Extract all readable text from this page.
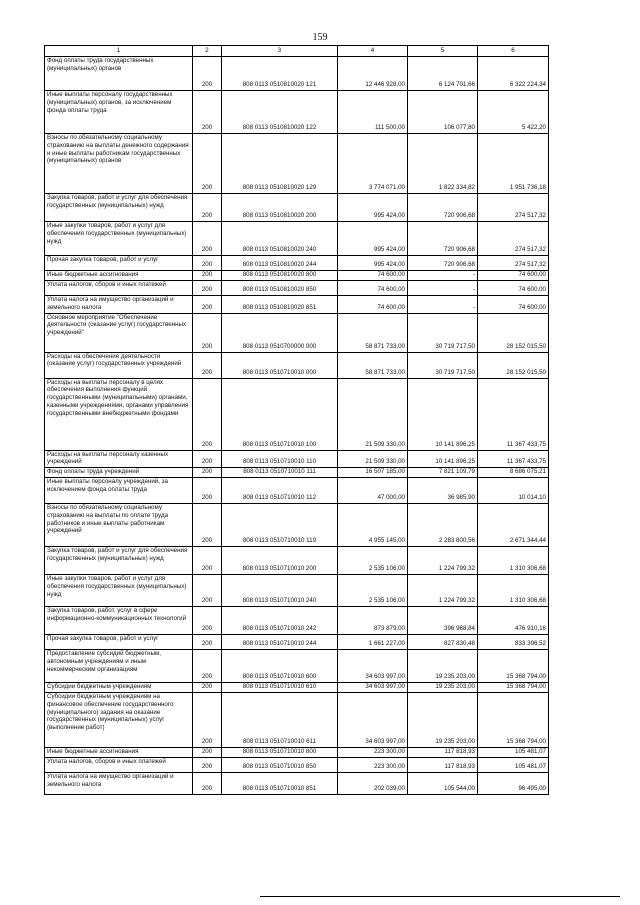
159
1	2	3	4	5	6
Фонд оплаты труда государственных (муниципальных) органов	200	808 0113 0510810020 121	12 446 928,00	6 124 701,66	6 322 224,34
Иные выплаты персоналу государственных (муниципальных) органов, за исключением фонда оплаты труда	200	808 0113 0510810020 122	111 500,00	106 077,80	5 422,20
Взносы по обязательному социальному страхованию на выплаты денежного содержания и иные выплаты работникам государственных (муниципальных) органов	200	808 0113 0510810020 129	3 774 071,00	1 822 334,82	1 951 736,18
Закупка товаров, работ и услуг для обеспечения государственных (муниципальных) нужд	200	808 0113 0510810020 200	995 424,00	720 906,68	274 517,32
Иные закупки товаров, работ и услуг для обеспечения государственных (муниципальных) нужд	200	808 0113 0510810020 240	995 424,00	720 906,68	274 517,32
Прочая закупка товаров, работ и услуг	200	808 0113 0510810020 244	995 424,00	720 906,68	274 517,32
Иные бюджетные ассигнования	200	808 0113 0510810020 800	74 600,00	-	74 600,00
Уплата налогов, сборов и иных платежей	200	808 0113 0510810020 850	74 600,00	-	74 600,00
Уплата налога на имущество организаций и земельного налога	200	808 0113 0510810020 851	74 600,00	-	74 600,00
Основное мероприятие "Обеспечение деятельности (оказание услуг) государственных учреждений"	200	808 0113 0510700000 000	58 871 733,00	30 719 717,50	28 152 015,50
Расходы на обеспечение деятельности (оказание услуг) государственных учреждений	200	808 0113 0510710010 000	58 871 733,00	30 719 717,50	28 152 015,50
Расходы на выплаты персоналу в целях обеспечения выполнения функций государственными (муниципальными) органами, казенными учреждениями, органами управления государственными внебюджетными фондами	200	808 0113 0510710010 100	21 509 330,00	10 141 896,25	11 367 433,75
Расходы на выплаты персоналу казенных учреждений	200	808 0113 0510710010 110	21 509 330,00	10 141 896,25	11 367 433,75
Фонд оплаты труда учреждений	200	808 0113 0510710010 111	16 507 185,00	7 821 109,79	8 686 075,21
Иные выплаты персоналу учреждений, за исключением фонда оплаты труда	200	808 0113 0510710010 112	47 000,00	36 985,90	10 014,10
Взносы по обязательному социальному страхованию на выплаты по оплате труда работников и иные выплаты работникам учреждений	200	808 0113 0510710010 119	4 955 145,00	2 283 800,56	2 671 344,44
Закупка товаров, работ и услуг для обеспечения государственных (муниципальных) нужд	200	808 0113 0510710010 200	2 535 106,00	1 224 799,32	1 310 306,68
Иные закупки товаров, работ и услуг для обеспечения государственных (муниципальных) нужд	200	808 0113 0510710010 240	2 535 106,00	1 224 799,32	1 310 306,68
Закупка товаров, работ, услуг в сфере информационно-коммуникационных технологий	200	808 0113 0510710010 242	873 879,00	396 968,84	476 910,16
Прочая закупка товаров, работ и услуг	200	808 0113 0510710010 244	1 661 227,00	827 830,48	833 396,52
Предоставление субсидий бюджетным, автономным учреждениям и иным некоммерческим организациям	200	808 0113 0510710010 600	34 603 997,00	19 235 203,00	15 368 794,00
Субсидии бюджетным учреждениям	200	808 0113 0510710010 610	34 603 997,00	19 235 203,00	15 368 794,00
Субсидии бюджетным учреждениям на финансовое обеспечение государственного (муниципального) задания на оказание государственных (муниципальных) услуг (выполнение работ)	200	808 0113 0510710010 611	34 603 997,00	19 235 203,00	15 368 794,00
Иные бюджетные ассигнования	200	808 0113 0510710010 800	223 300,00	117 818,93	105 481,07
Уплата налогов, сборов и иных платежей	200	808 0113 0510710010 850	223 300,00	117 818,93	105 481,07
Уплата налога на имущество организаций и земельного налога	200	808 0113 0510710010 851	202 039,00	105 544,00	96 495,00
